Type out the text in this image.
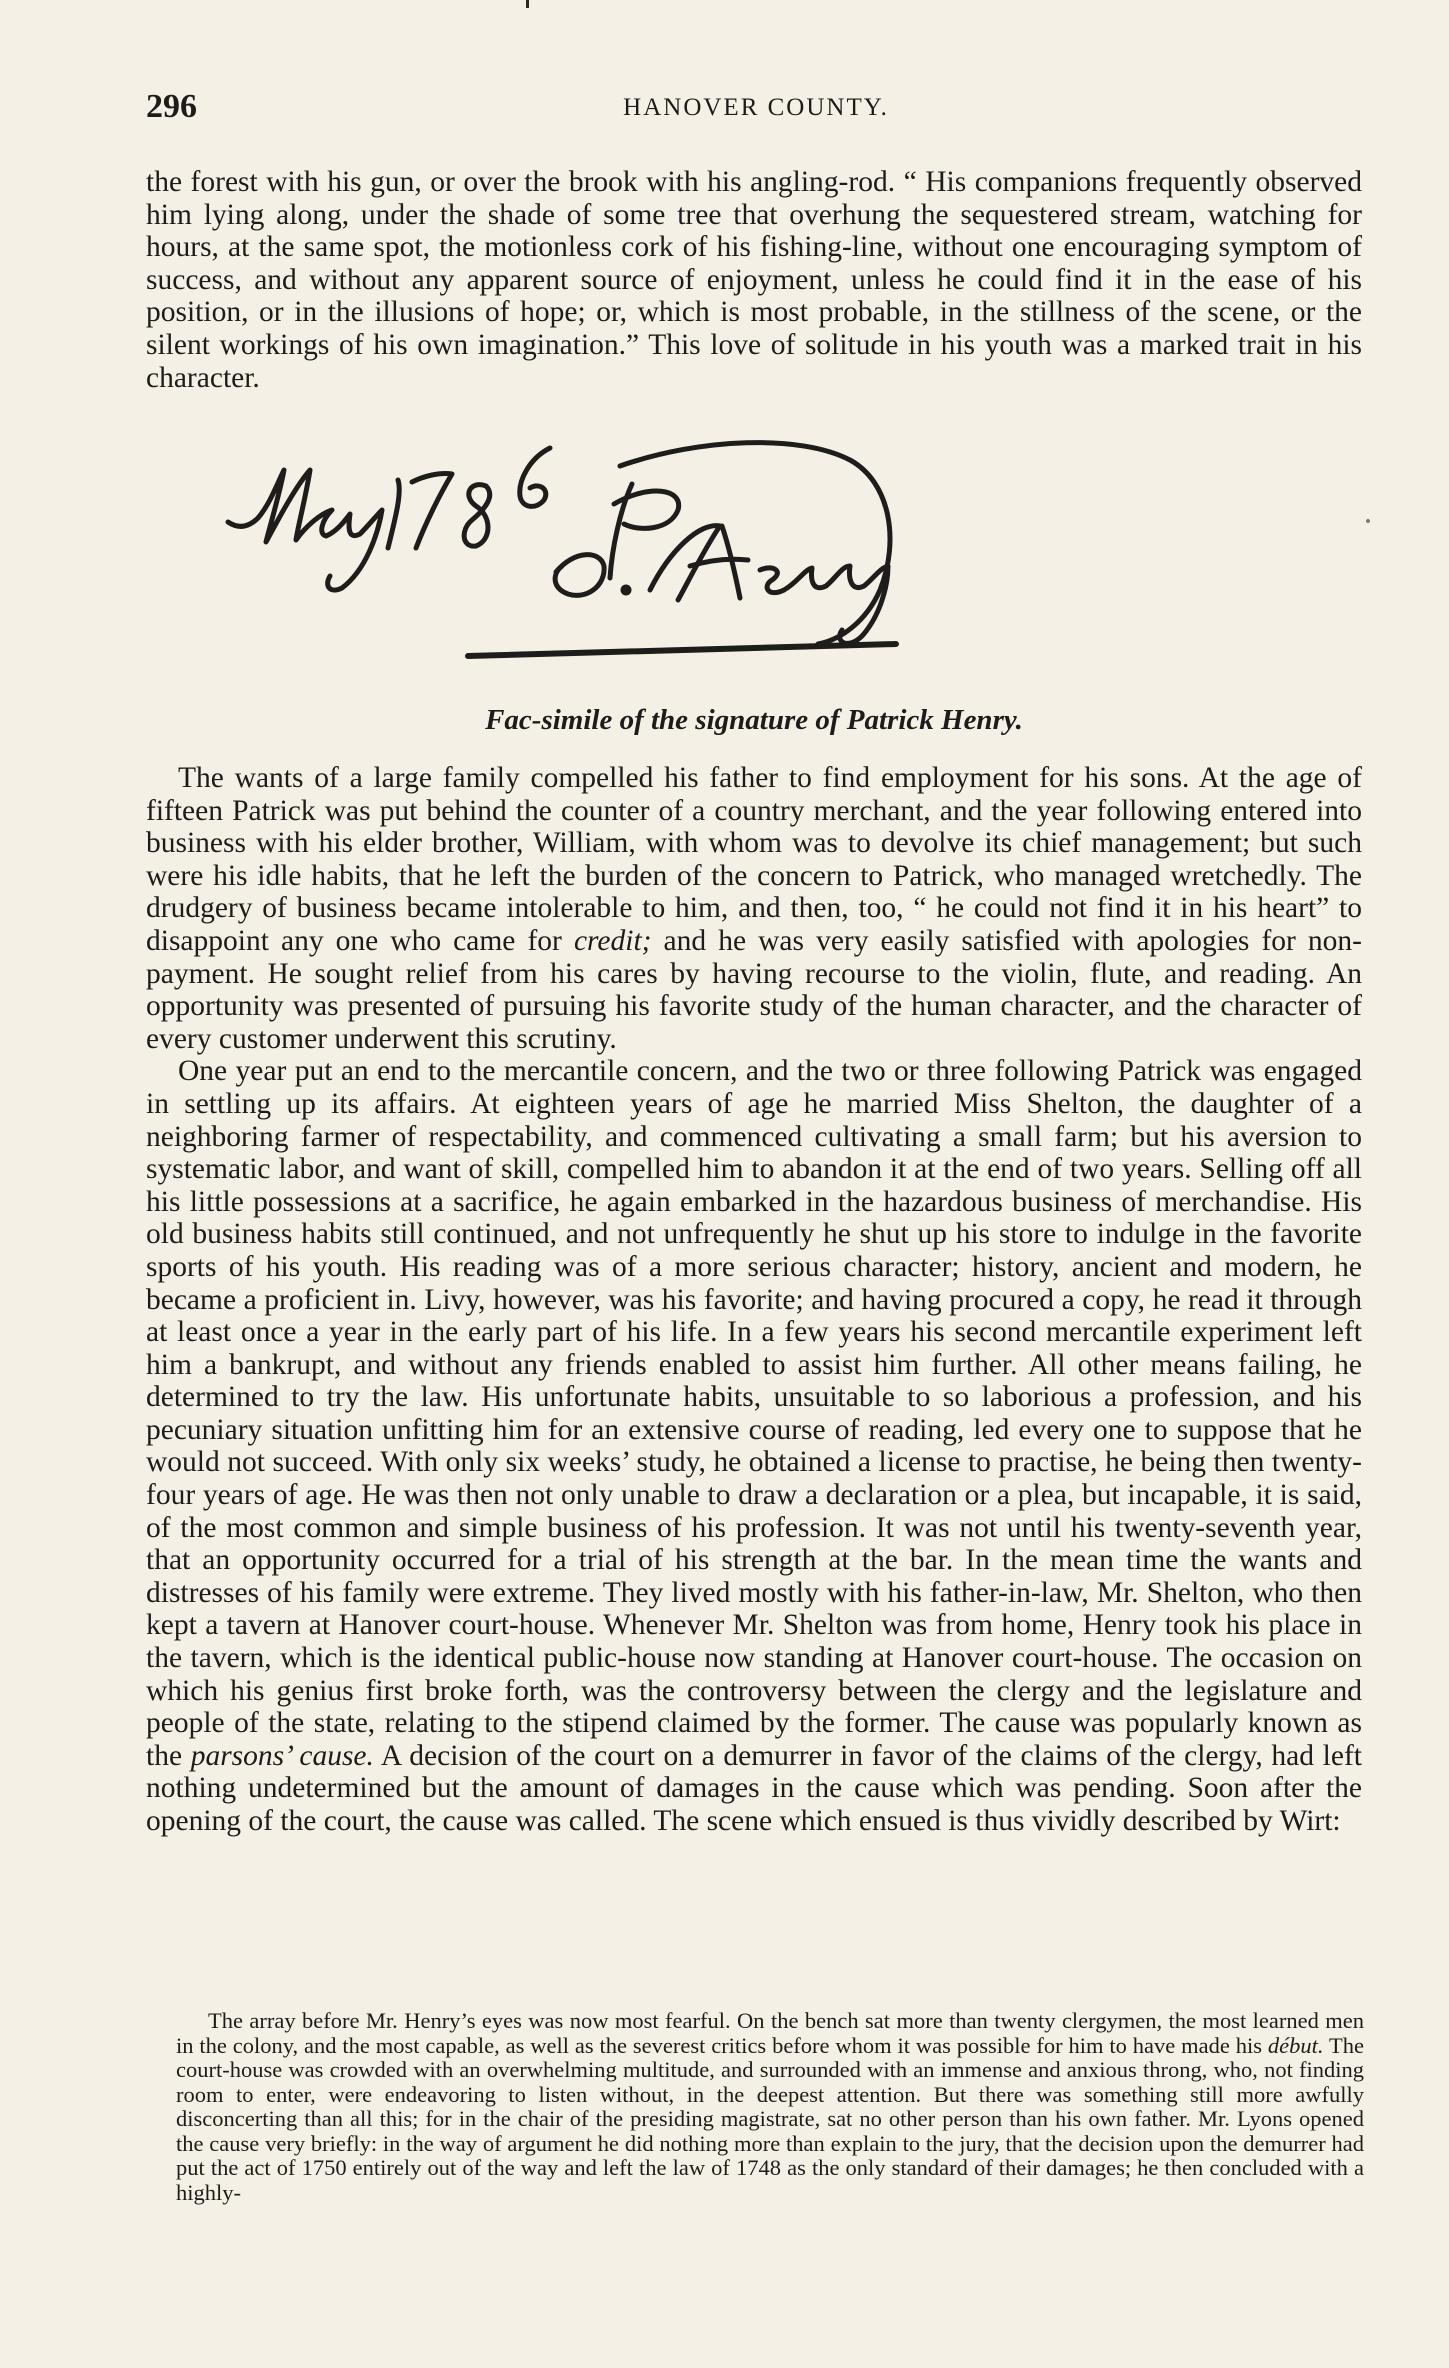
296	HANOVER COUNTY.

the forest with his gun, or over the brook with his angling-rod. “ His companions frequently observed him lying along, under the shade of some tree that overhung the sequestered stream, watching for hours, at the same spot, the motionless cork of his fishing-line, without one encouraging symptom of success, and without any apparent source of enjoyment, unless he could find it in the ease of his position, or in the illusions of hope; or, which is most probable, in the stillness of the scene, or the silent workings of his own imagination.” This love of solitude in his youth was a marked trait in his character.

Fac-simile of the signature of Patrick Henry.

The wants of a large family compelled his father to find employment for his sons. At the age of fifteen Patrick was put behind the counter of a country merchant, and the year following entered into business with his elder brother, William, with whom was to devolve its chief management; but such were his idle habits, that he left the burden of the concern to Patrick, who managed wretchedly. The drudgery of business became intolerable to him, and then, too, “ he could not find it in his heart” to disappoint any one who came for credit; and he was very easily satisfied with apologies for non-payment. He sought relief from his cares by having recourse to the violin, flute, and reading. An opportunity was presented of pursuing his favorite study of the human character, and the character of every customer underwent this scrutiny.

One year put an end to the mercantile concern, and the two or three following Patrick was engaged in settling up its affairs. At eighteen years of age he married Miss Shelton, the daughter of a neighboring farmer of respectability, and commenced cultivating a small farm; but his aversion to systematic labor, and want of skill, compelled him to abandon it at the end of two years. Selling off all his little possessions at a sacrifice, he again embarked in the hazardous business of merchandise. His old business habits still continued, and not unfrequently he shut up his store to indulge in the favorite sports of his youth. His reading was of a more serious character; history, ancient and modern, he became a proficient in. Livy, however, was his favorite; and having procured a copy, he read it through at least once a year in the early part of his life. In a few years his second mercantile experiment left him a bankrupt, and without any friends enabled to assist him further. All other means failing, he determined to try the law. His unfortunate habits, unsuitable to so laborious a profession, and his pecuniary situation unfitting him for an extensive course of reading, led every one to suppose that he would not succeed. With only six weeks’ study, he obtained a license to practise, he being then twenty-four years of age. He was then not only unable to draw a declaration or a plea, but incapable, it is said, of the most common and simple business of his profession. It was not until his twenty-seventh year, that an opportunity occurred for a trial of his strength at the bar. In the mean time the wants and distresses of his family were extreme. They lived mostly with his father-in-law, Mr. Shelton, who then kept a tavern at Hanover court-house. Whenever Mr. Shelton was from home, Henry took his place in the tavern, which is the identical public-house now standing at Hanover court-house. The occasion on which his genius first broke forth, was the controversy between the clergy and the legislature and people of the state, relating to the stipend claimed by the former. The cause was popularly known as the parsons’ cause. A decision of the court on a demurrer in favor of the claims of the clergy, had left nothing undetermined but the amount of damages in the cause which was pending. Soon after the opening of the court, the cause was called. The scene which ensued is thus vividly described by Wirt:

The array before Mr. Henry’s eyes was now most fearful. On the bench sat more than twenty clergymen, the most learned men in the colony, and the most capable, as well as the severest critics before whom it was possible for him to have made his début. The court-house was crowded with an overwhelming multitude, and surrounded with an immense and anxious throng, who, not finding room to enter, were endeavoring to listen without, in the deepest attention. But there was something still more awfully disconcerting than all this; for in the chair of the presiding magistrate, sat no other person than his own father. Mr. Lyons opened the cause very briefly: in the way of argument he did nothing more than explain to the jury, that the decision upon the demurrer had put the act of 1750 entirely out of the way and left the law of 1748 as the only standard of their damages; he then concluded with a highly-
